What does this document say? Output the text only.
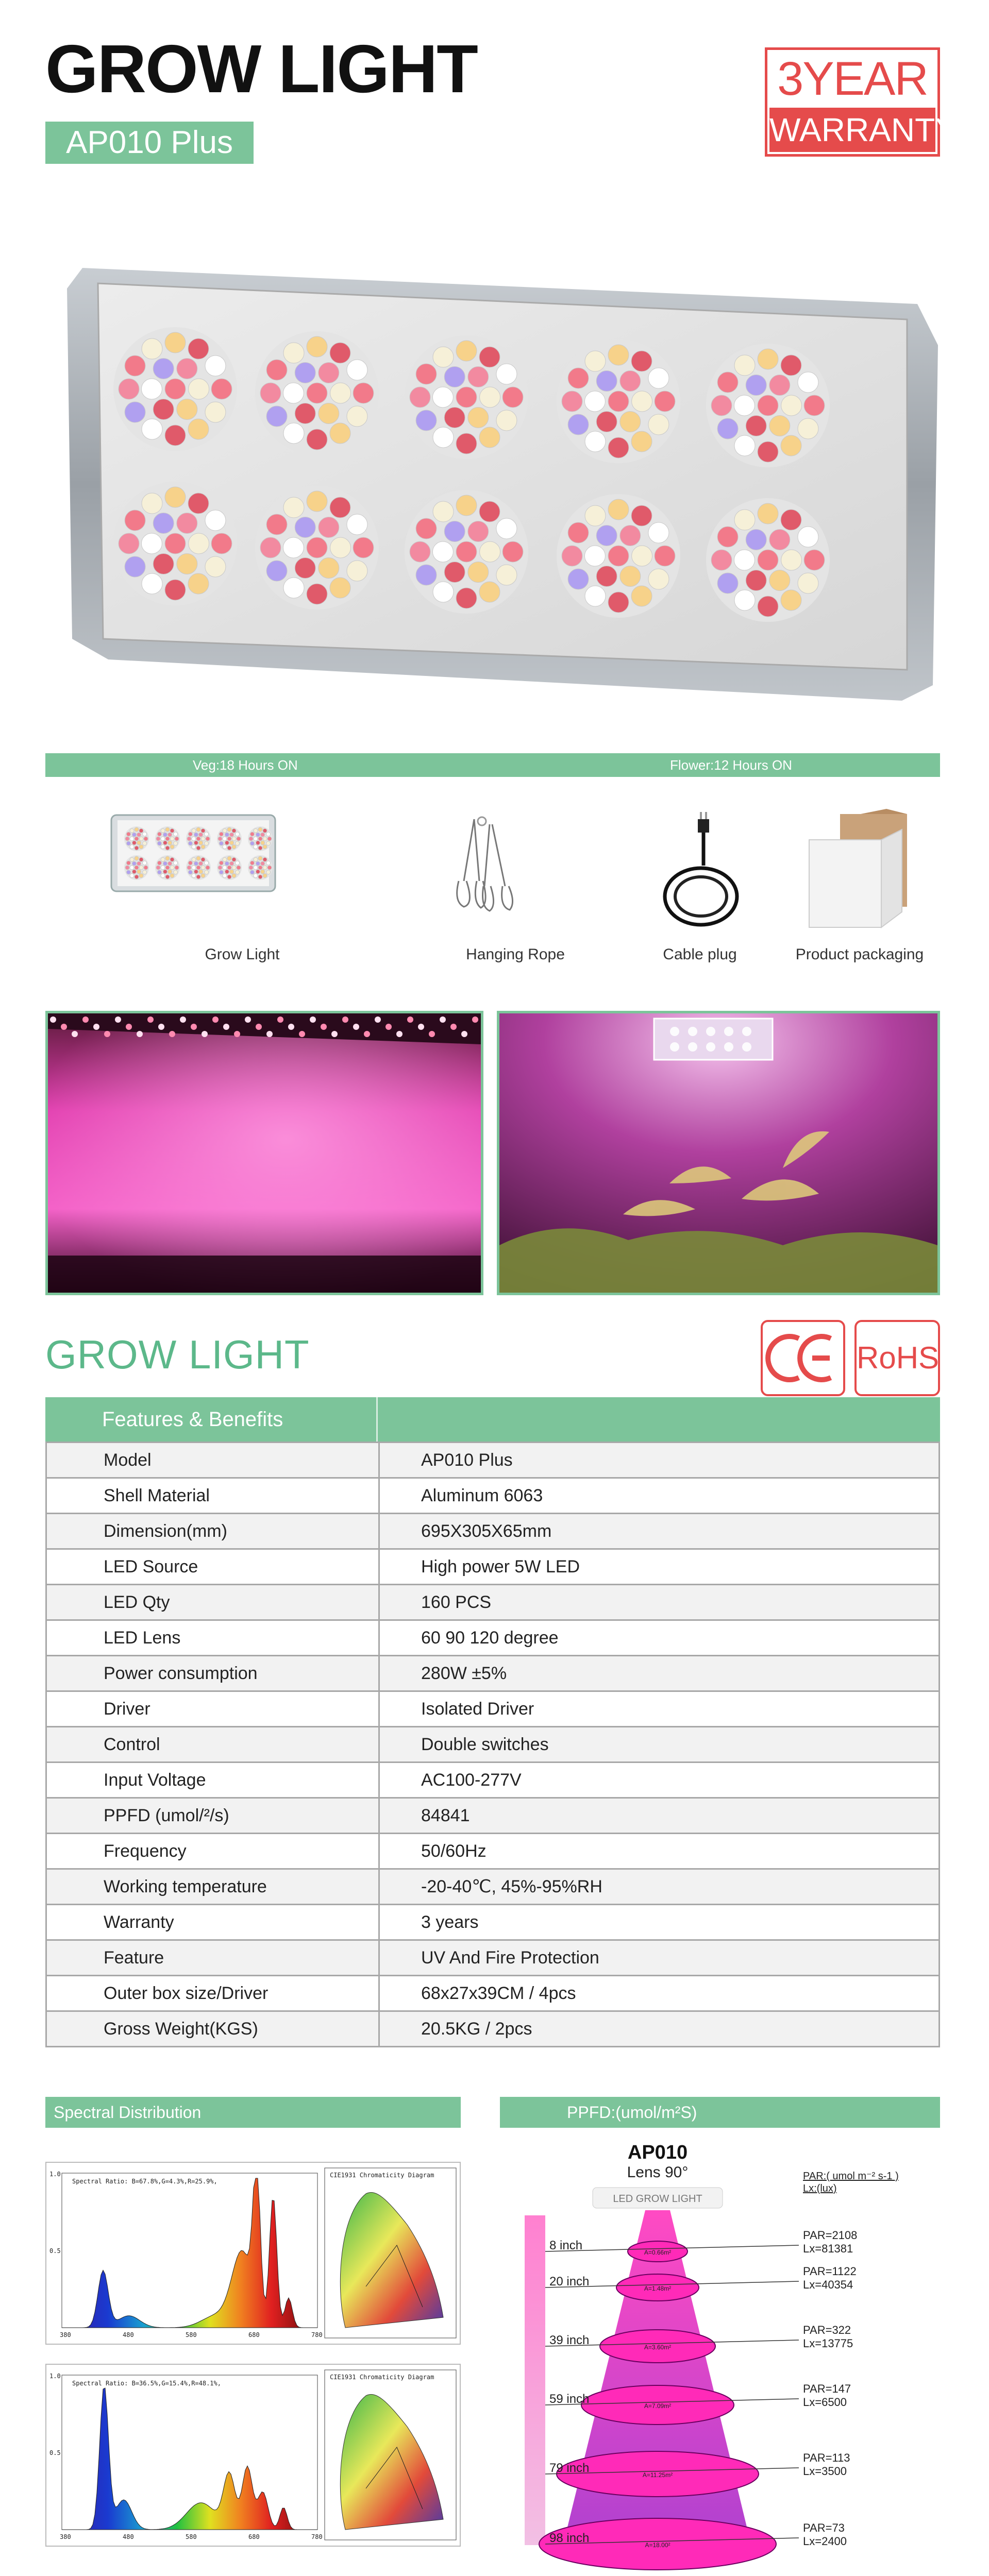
GROW LIGHT
AP010 Plus
3YEAR
WARRANTY
Veg:18 Hours ON	Flower:12 Hours ON
Grow Light	Hanging Rope	Cable plug	Product packaging
GROW LIGHT	RoHS
Features & Benefits
Model	AP010 Plus
Shell Material	Aluminum 6063
Dimension(mm)	695X305X65mm
LED Source	High power 5W LED
LED Qty	160 PCS
LED Lens	60 90 120 degree
Power consumption	280W ±5%
Driver	Isolated Driver
Control	Double switches
Input Voltage	AC100-277V
PPFD (umol/²/s)	84841
Frequency	50/60Hz
Working temperature	-20-40℃, 45%-95%RH
Warranty	3 years
Feature	UV And Fire Protection
Outer box size/Driver	68x27x39CM / 4pcs
Gross Weight(KGS)	20.5KG / 2pcs
Spectral Distribution	PPFD:(umol/m²S)
1.0
0.5
Spectral Ratio: B=67.8%,G=4.3%,R=25.9%,
380	480	580	680	780
CIE1931 Chromaticity Diagram
1.0
0.5
Spectral Ratio: B=36.5%,G=15.4%,R=48.1%,
380	480	580	680	780
CIE1931 Chromaticity Diagram
AP010
Lens 90°	PAR:( umol m⁻² s-1 )
Lx:(lux)
LED GROW LIGHT
8 inch	A=0.66m²
PAR=2108
Lx=81381
20 inch	A=1.48m²
PAR=1122
Lx=40354
39 inch	A=3.60m²
PAR=322
Lx=13775
59 inch	A=7.09m²
PAR=147
Lx=6500
79 inch	A=11.25m²
PAR=113
Lx=3500
98 inch	A=18.00²
PAR=73
Lx=2400
